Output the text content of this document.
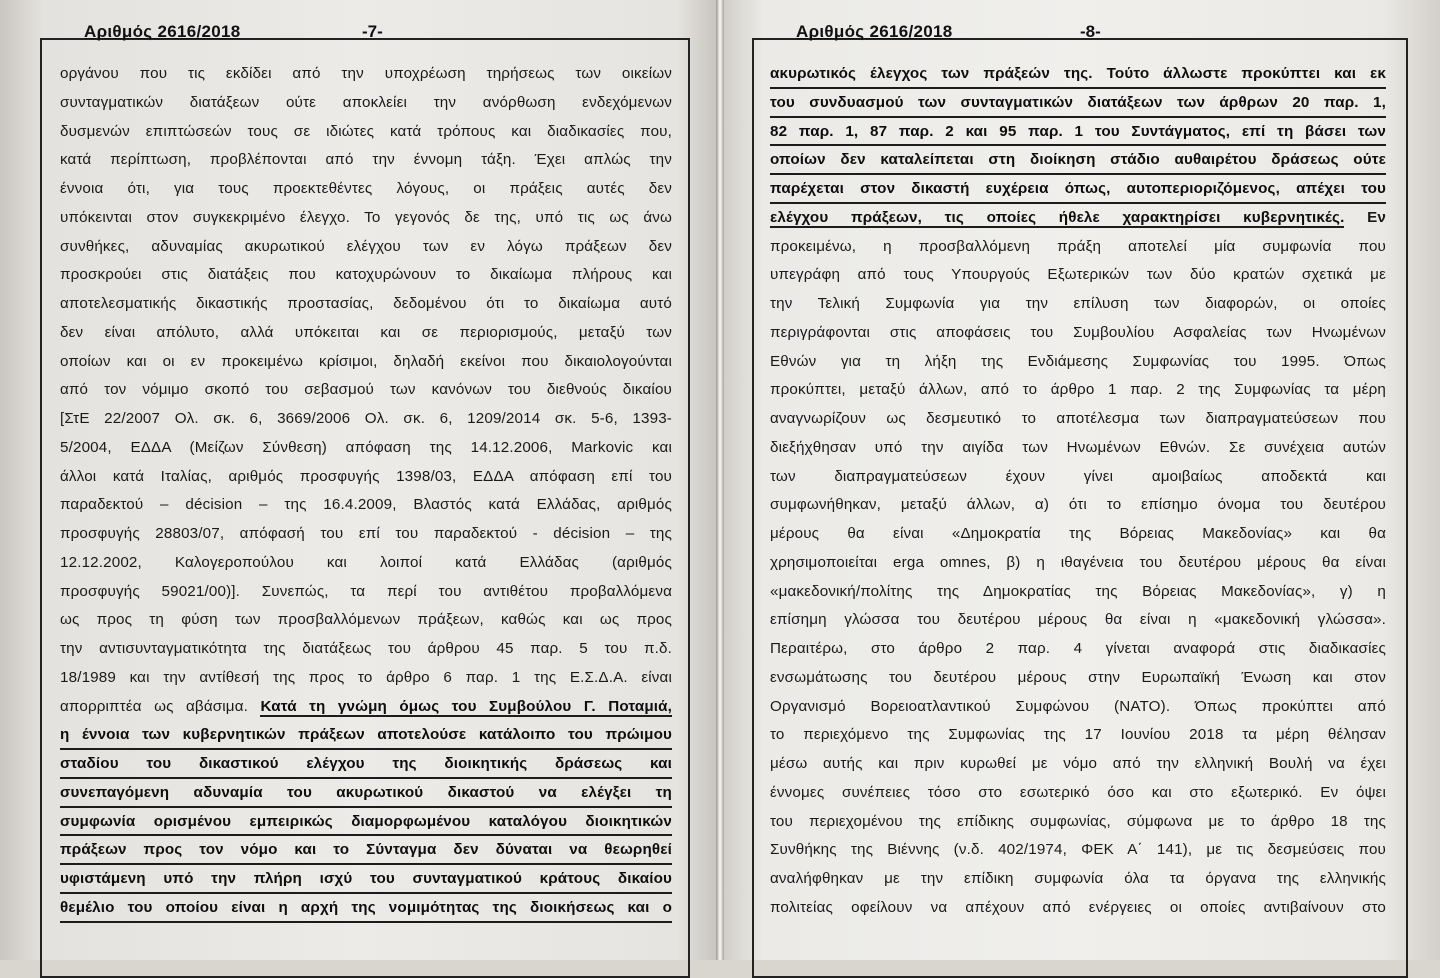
Αριθμός 2616/2018	-7-	Αριθμός 2616/2018	-8-
οργάνου που τις εκδίδει από την υποχρέωση τηρήσεως των οικείων
συνταγματικών διατάξεων ούτε αποκλείει την ανόρθωση ενδεχόμενων
δυσμενών επιπτώσεών τους σε ιδιώτες κατά τρόπους και διαδικασίες που,
κατά περίπτωση, προβλέπονται από την έννομη τάξη. Έχει απλώς την
έννοια ότι, για τους προεκτεθέντες λόγους, οι πράξεις αυτές δεν
υπόκεινται στον συγκεκριμένο έλεγχο. Το γεγονός δε της, υπό τις ως άνω
συνθήκες, αδυναμίας ακυρωτικού ελέγχου των εν λόγω πράξεων δεν
προσκρούει στις διατάξεις που κατοχυρώνουν το δικαίωμα πλήρους και
αποτελεσματικής δικαστικής προστασίας, δεδομένου ότι το δικαίωμα αυτό
δεν είναι απόλυτο, αλλά υπόκειται και σε περιορισμούς, μεταξύ των
οποίων και οι εν προκειμένω κρίσιμοι, δηλαδή εκείνοι που δικαιολογούνται
από τον νόμιμο σκοπό του σεβασμού των κανόνων του διεθνούς δικαίου
[ΣτΕ 22/2007 Ολ. σκ. 6, 3669/2006 Ολ. σκ. 6, 1209/2014 σκ. 5-6, 1393-
5/2004, ΕΔΔΑ (Μείζων Σύνθεση) απόφαση της 14.12.2006, Markovic και
άλλοι κατά Ιταλίας, αριθμός προσφυγής 1398/03, ΕΔΔΑ απόφαση επί του
παραδεκτού – décision – της 16.4.2009, Βλαστός κατά Ελλάδας, αριθμός
προσφυγής 28803/07, απόφασή του επί του παραδεκτού - décision – της
12.12.2002, Καλογεροπούλου και λοιποί κατά Ελλάδας (αριθμός
προσφυγής 59021/00)]. Συνεπώς, τα περί του αντιθέτου προβαλλόμενα
ως προς τη φύση των προσβαλλόμενων πράξεων, καθώς και ως προς
την αντισυνταγματικότητα της διατάξεως του άρθρου 45 παρ. 5 του π.δ.
18/1989 και την αντίθεσή της προς το άρθρο 6 παρ. 1 της Ε.Σ.Δ.Α. είναι
απορριπτέα ως αβάσιμα. Κατά τη γνώμη όμως του Συμβούλου Γ. Ποταμιά,
η έννοια των κυβερνητικών πράξεων αποτελούσε κατάλοιπο του πρώιμου
σταδίου του δικαστικού ελέγχου της διοικητικής δράσεως και
συνεπαγόμενη αδυναμία του ακυρωτικού δικαστού να ελέγξει τη
συμφωνία ορισμένου εμπειρικώς διαμορφωμένου καταλόγου διοικητικών
πράξεων προς τον νόμο και το Σύνταγμα δεν δύναται να θεωρηθεί
υφιστάμενη υπό την πλήρη ισχύ του συνταγματικού κράτους δικαίου
θεμέλιο του οποίου είναι η αρχή της νομιμότητας της διοικήσεως και ο
ακυρωτικός έλεγχος των πράξεών της. Τούτο άλλωστε προκύπτει και εκ
του συνδυασμού των συνταγματικών διατάξεων των άρθρων 20 παρ. 1,
82 παρ. 1, 87 παρ. 2 και 95 παρ. 1 του Συντάγματος, επί τη βάσει των
οποίων δεν καταλείπεται στη διοίκηση στάδιο αυθαιρέτου δράσεως ούτε
παρέχεται στον δικαστή ευχέρεια όπως, αυτοπεριοριζόμενος, απέχει του
ελέγχου πράξεων, τις οποίες ήθελε χαρακτηρίσει κυβερνητικές. Εν
προκειμένω, η προσβαλλόμενη πράξη αποτελεί μία συμφωνία που
υπεγράφη από τους Υπουργούς Εξωτερικών των δύο κρατών σχετικά με
την Τελική Συμφωνία για την επίλυση των διαφορών, οι οποίες
περιγράφονται στις αποφάσεις του Συμβουλίου Ασφαλείας των Ηνωμένων
Εθνών για τη λήξη της Ενδιάμεσης Συμφωνίας του 1995. Όπως
προκύπτει, μεταξύ άλλων, από το άρθρο 1 παρ. 2 της Συμφωνίας τα μέρη
αναγνωρίζουν ως δεσμευτικό το αποτέλεσμα των διαπραγματεύσεων που
διεξήχθησαν υπό την αιγίδα των Ηνωμένων Εθνών. Σε συνέχεια αυτών
των διαπραγματεύσεων έχουν γίνει αμοιβαίως αποδεκτά και
συμφωνήθηκαν, μεταξύ άλλων, α) ότι το επίσημο όνομα του δευτέρου
μέρους θα είναι «Δημοκρατία της Βόρειας Μακεδονίας» και θα
χρησιμοποιείται erga omnes, β) η ιθαγένεια του δευτέρου μέρους θα είναι
«μακεδονική/πολίτης της Δημοκρατίας της Βόρειας Μακεδονίας», γ) η
επίσημη γλώσσα του δευτέρου μέρους θα είναι η «μακεδονική γλώσσα».
Περαιτέρω, στο άρθρο 2 παρ. 4 γίνεται αναφορά στις διαδικασίες
ενσωμάτωσης του δευτέρου μέρους στην Ευρωπαϊκή Ένωση και στον
Οργανισμό Βορειοατλαντικού Συμφώνου (ΝΑΤΟ). Όπως προκύπτει από
το περιεχόμενο της Συμφωνίας της 17 Ιουνίου 2018 τα μέρη θέλησαν
μέσω αυτής και πριν κυρωθεί με νόμο από την ελληνική Βουλή να έχει
έννομες συνέπειες τόσο στο εσωτερικό όσο και στο εξωτερικό. Εν όψει
του περιεχομένου της επίδικης συμφωνίας, σύμφωνα με το άρθρο 18 της
Συνθήκης της Βιέννης (ν.δ. 402/1974, ΦΕΚ Α΄ 141), με τις δεσμεύσεις που
αναλήφθηκαν με την επίδικη συμφωνία όλα τα όργανα της ελληνικής
πολιτείας οφείλουν να απέχουν από ενέργειες οι οποίες αντιβαίνουν στο
